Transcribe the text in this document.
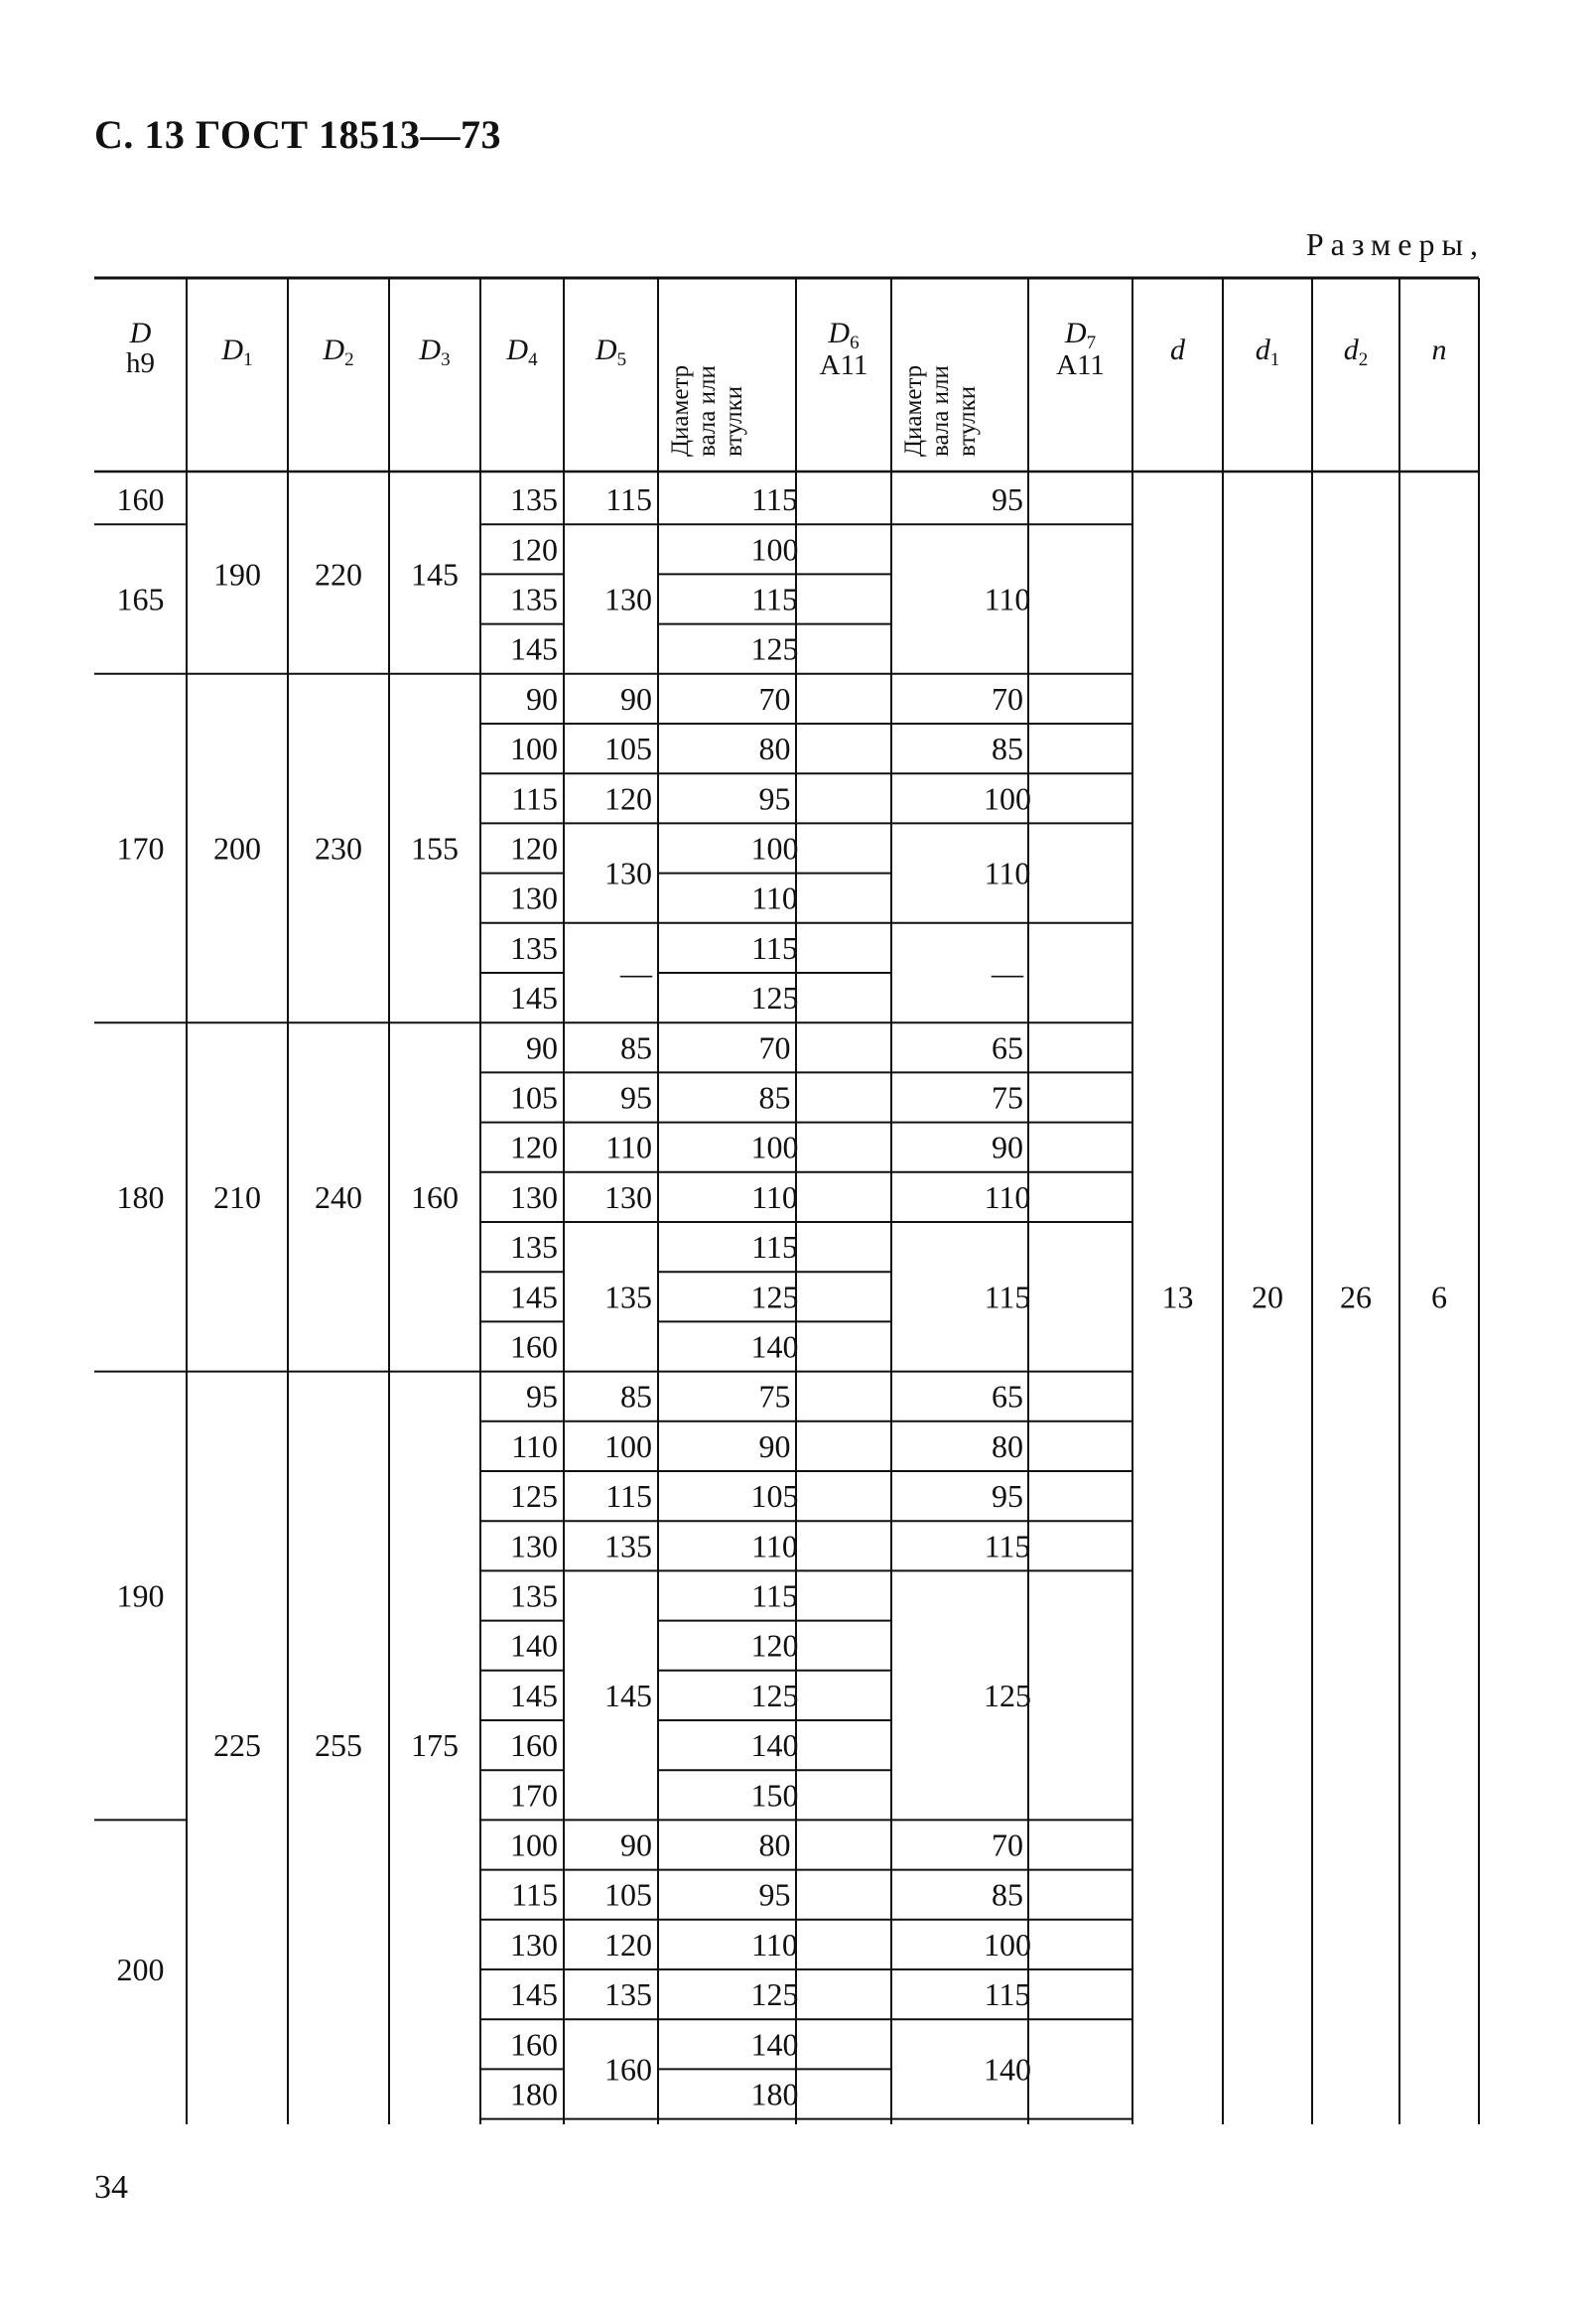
С. 13 ГОСТ 18513—73
Размеры,
34
D
h9 $D_1$ $D_2$ $D_3$ $D_4$ $D_5$
$D_6$
A11
$D_7$
A11 d $d_1$ $d_2$ n
Диаметр вала или втулки	Диаметр вала или втулки
160
165
190 220 145
135
120
135
145
115
100
115
125
115
130
95
110
170 200 230 155
90
100
115
120
130
135
145
70
80
95
100
110
115
125
90
105
120
130
—
70
85
100
110
—
180 210 240 160
90
105
120
130
135
145
160
70
85
100
110
115
125
140
85
95
110
130
135
65
75
90
110
115
190
200
225 255 175
95
110
125
130
135
140
145
160
170
100
115
130
145
160
180
75
90
105
110
115
120
125
140
150
80
95
110
125
140
180
85
100
115
135
145
90
105
120
135
160
65
80
95
115
125
70
85
100
115
140
13 20 26 6
